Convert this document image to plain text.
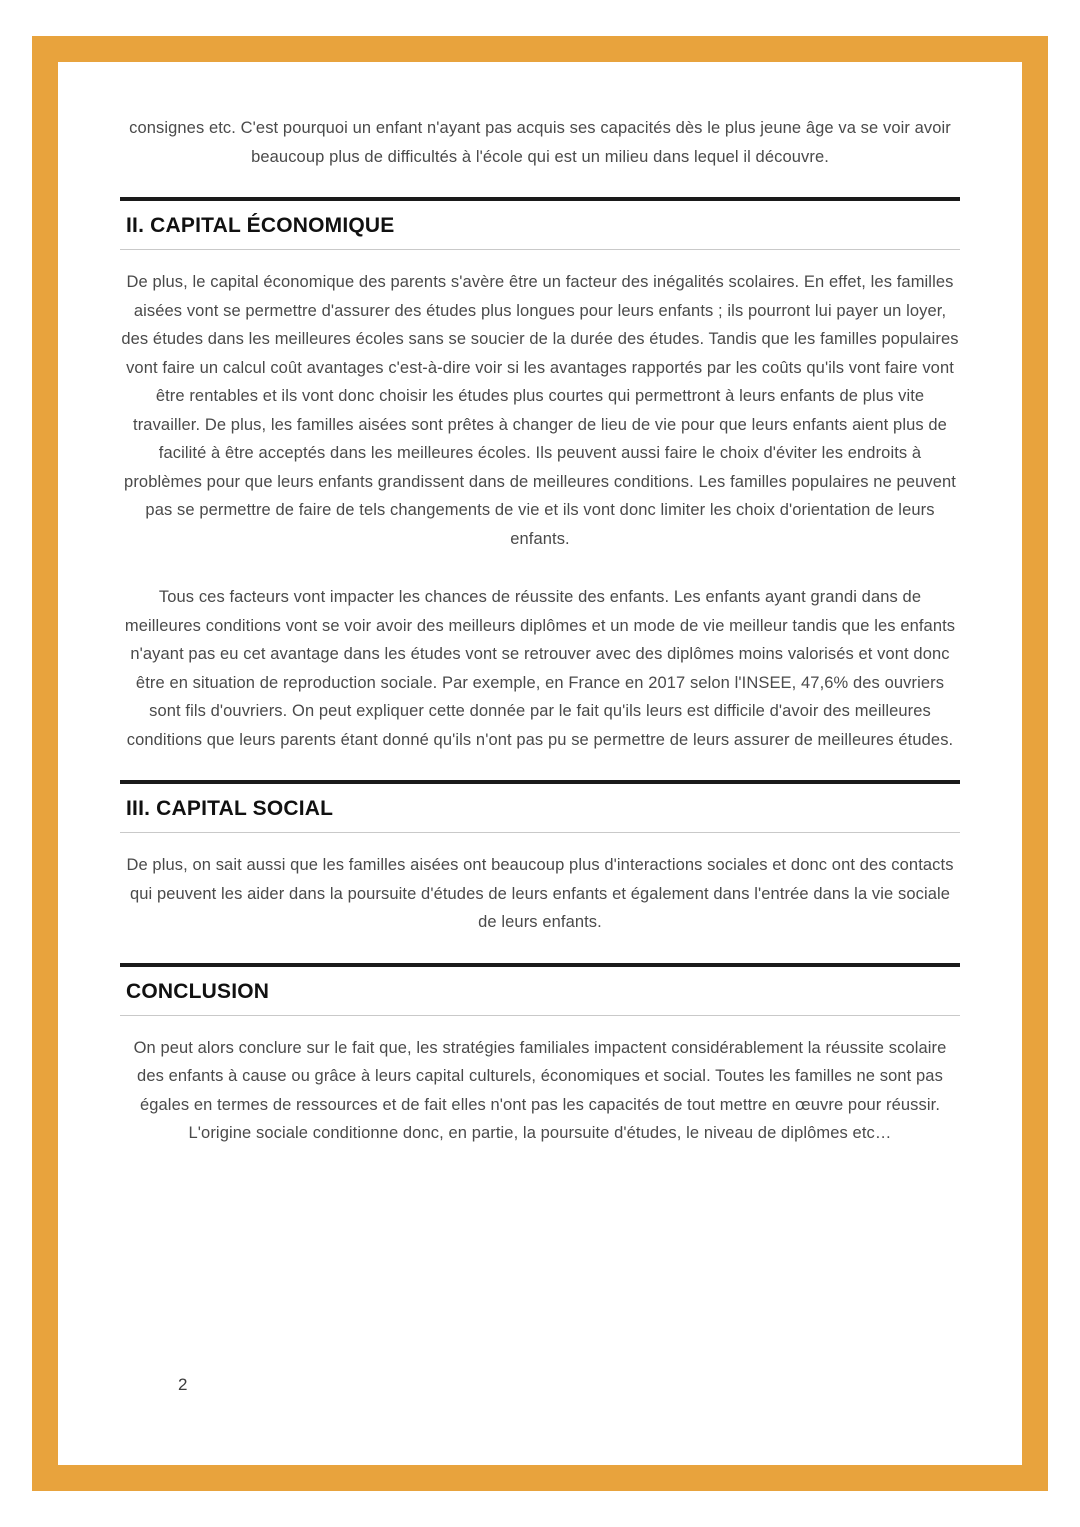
consignes etc. C'est pourquoi un enfant n'ayant pas acquis ses capacités dès le plus jeune âge va se voir avoir beaucoup plus de difficultés à l'école qui est un milieu dans lequel il découvre.

II. CAPITAL ÉCONOMIQUE

De plus, le capital économique des parents s'avère être un facteur des inégalités scolaires. En effet, les familles aisées vont se permettre d'assurer des études plus longues pour leurs enfants ; ils pourront lui payer un loyer, des études dans les meilleures écoles sans se soucier de la durée des études. Tandis que les familles populaires vont faire un calcul coût avantages c'est-à-dire voir si les avantages rapportés par les coûts qu'ils vont faire vont être rentables et ils vont donc choisir les études plus courtes qui permettront à leurs enfants de plus vite travailler. De plus, les familles aisées sont prêtes à changer de lieu de vie pour que leurs enfants aient plus de facilité à être acceptés dans les meilleures écoles. Ils peuvent aussi faire le choix d'éviter les endroits à problèmes pour que leurs enfants grandissent dans de meilleures conditions. Les familles populaires ne peuvent pas se permettre de faire de tels changements de vie et ils vont donc limiter les choix d'orientation de leurs enfants.

Tous ces facteurs vont impacter les chances de réussite des enfants. Les enfants ayant grandi dans de meilleures conditions vont se voir avoir des meilleurs diplômes et un mode de vie meilleur tandis que les enfants n'ayant pas eu cet avantage dans les études vont se retrouver avec des diplômes moins valorisés et vont donc être en situation de reproduction sociale. Par exemple, en France en 2017 selon l'INSEE, 47,6% des ouvriers sont fils d'ouvriers. On peut expliquer cette donnée par le fait qu'ils leurs est difficile d'avoir des meilleures conditions que leurs parents étant donné qu'ils n'ont pas pu se permettre de leurs assurer de meilleures études.

III. CAPITAL SOCIAL

De plus, on sait aussi que les familles aisées ont beaucoup plus d'interactions sociales et donc ont des contacts qui peuvent les aider dans la poursuite d'études de leurs enfants et également dans l'entrée dans la vie sociale de leurs enfants.

CONCLUSION

On peut alors conclure sur le fait que, les stratégies familiales impactent considérablement la réussite scolaire des enfants à cause ou grâce à leurs capital culturels, économiques et social. Toutes les familles ne sont pas égales en termes de ressources et de fait elles n'ont pas les capacités de tout mettre en œuvre pour réussir. L'origine sociale conditionne donc, en partie, la poursuite d'études, le niveau de diplômes etc…

2
